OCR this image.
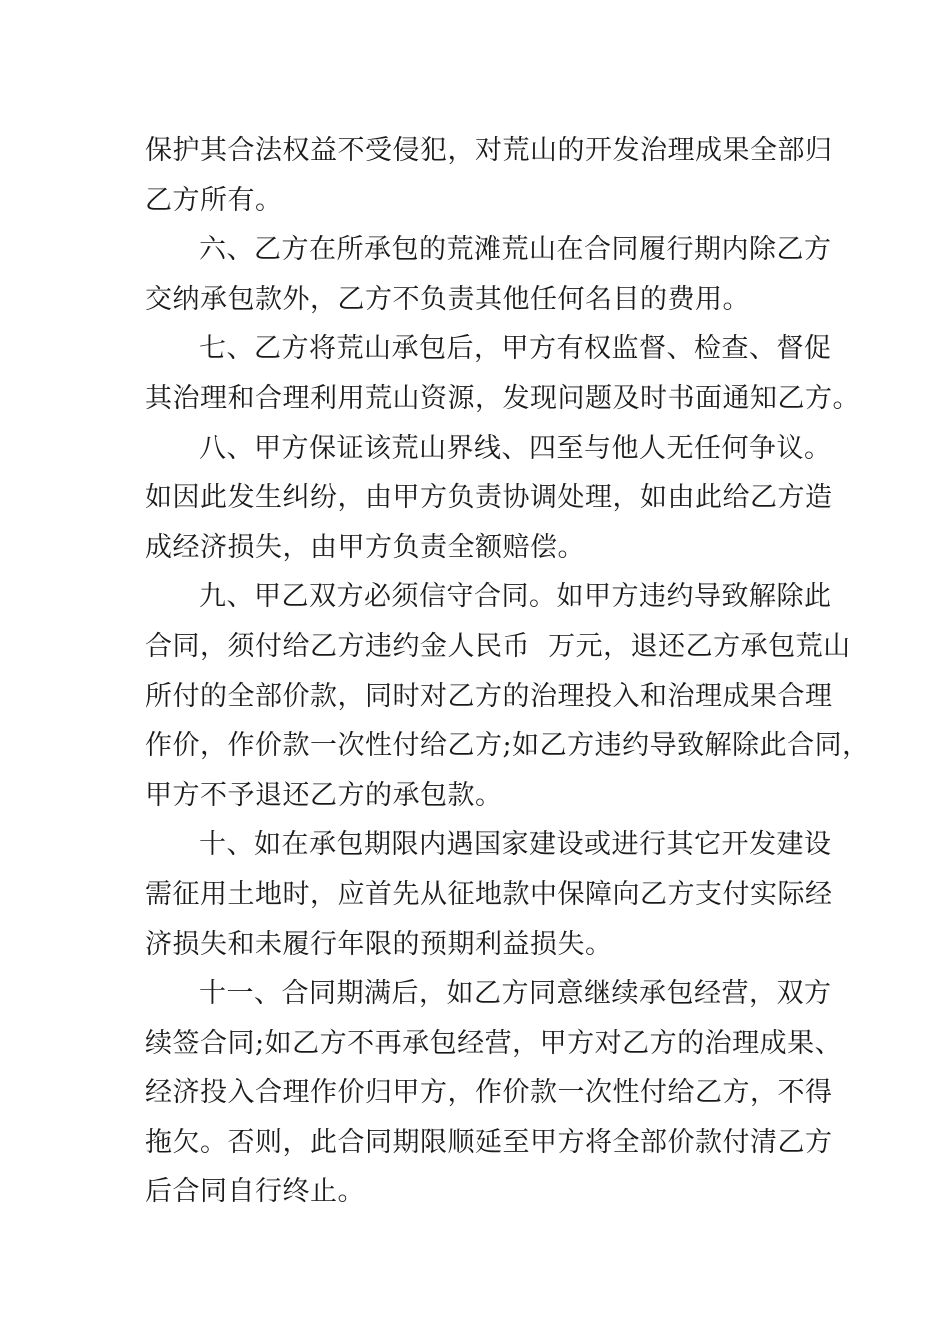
保护其合法权益不受侵犯，对荒山的开发治理成果全部归
乙方所有。
六、乙方在所承包的荒滩荒山在合同履行期内除乙方
交纳承包款外，乙方不负责其他任何名目的费用。
七、乙方将荒山承包后，甲方有权监督、检查、督促
其治理和合理利用荒山资源，发现问题及时书面通知乙方。
八、甲方保证该荒山界线、四至与他人无任何争议。
如因此发生纠纷，由甲方负责协调处理，如由此给乙方造
成经济损失，由甲方负责全额赔偿。
九、甲乙双方必须信守合同。如甲方违约导致解除此
合同，须付给乙方违约金人民币  万元，退还乙方承包荒山
所付的全部价款，同时对乙方的治理投入和治理成果合理
作价，作价款一次性付给乙方;如乙方违约导致解除此合同，
甲方不予退还乙方的承包款。
十、如在承包期限内遇国家建设或进行其它开发建设
需征用土地时，应首先从征地款中保障向乙方支付实际经
济损失和未履行年限的预期利益损失。
十一、合同期满后，如乙方同意继续承包经营，双方
续签合同;如乙方不再承包经营，甲方对乙方的治理成果、
经济投入合理作价归甲方，作价款一次性付给乙方，不得
拖欠。否则，此合同期限顺延至甲方将全部价款付清乙方
后合同自行终止。
